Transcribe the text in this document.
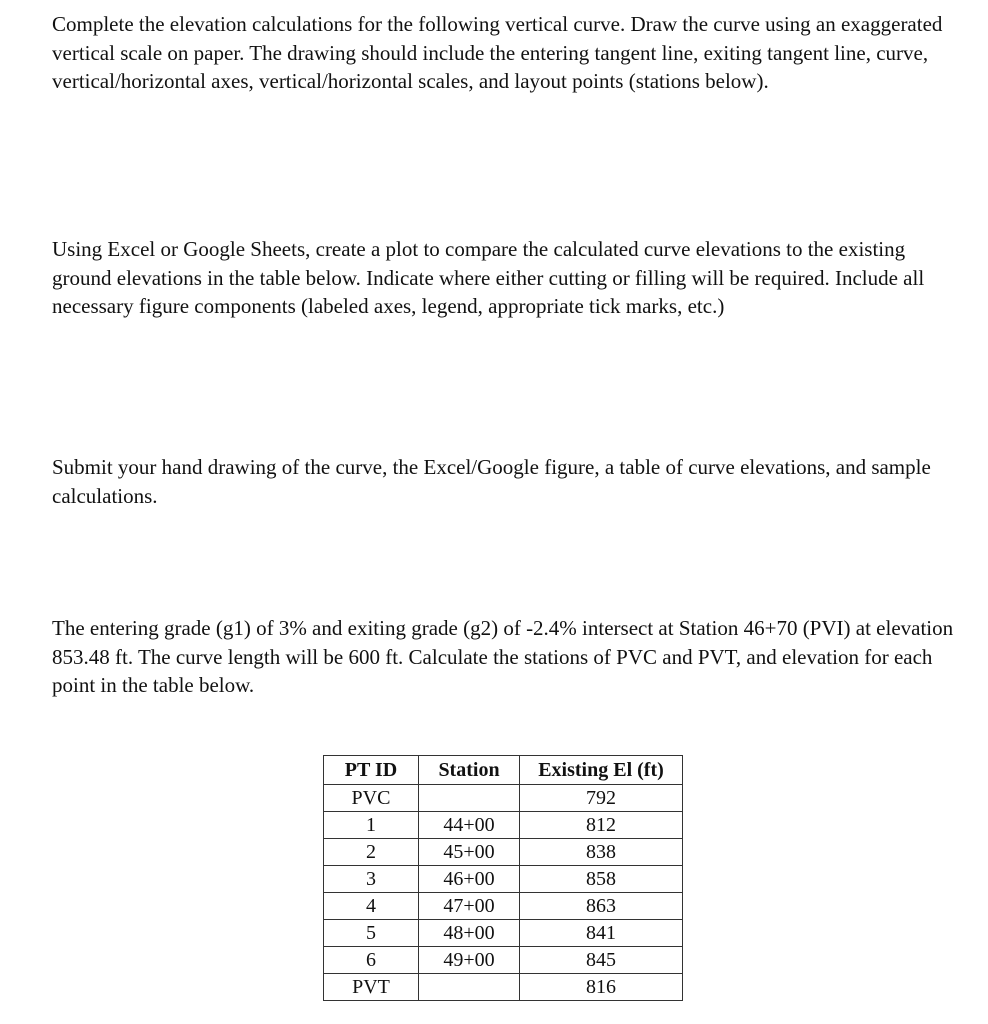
Complete the elevation calculations for the following vertical curve. Draw the curve using an exaggerated vertical scale on paper. The drawing should include the entering tangent line, exiting tangent line, curve, vertical/horizontal axes, vertical/horizontal scales, and layout points (stations below).

Using Excel or Google Sheets, create a plot to compare the calculated curve elevations to the existing ground elevations in the table below. Indicate where either cutting or filling will be required. Include all necessary figure components (labeled axes, legend, appropriate tick marks, etc.)

Submit your hand drawing of the curve, the Excel/Google figure, a table of curve elevations, and sample calculations.

The entering grade (g1) of 3% and exiting grade (g2) of -2.4% intersect at Station 46+70 (PVI) at elevation 853.48 ft. The curve length will be 600 ft. Calculate the stations of PVC and PVT, and elevation for each point in the table below.

PT ID	Station	Existing El (ft)
PVC		792
1	44+00	812
2	45+00	838
3	46+00	858
4	47+00	863
5	48+00	841
6	49+00	845
PVT		816
